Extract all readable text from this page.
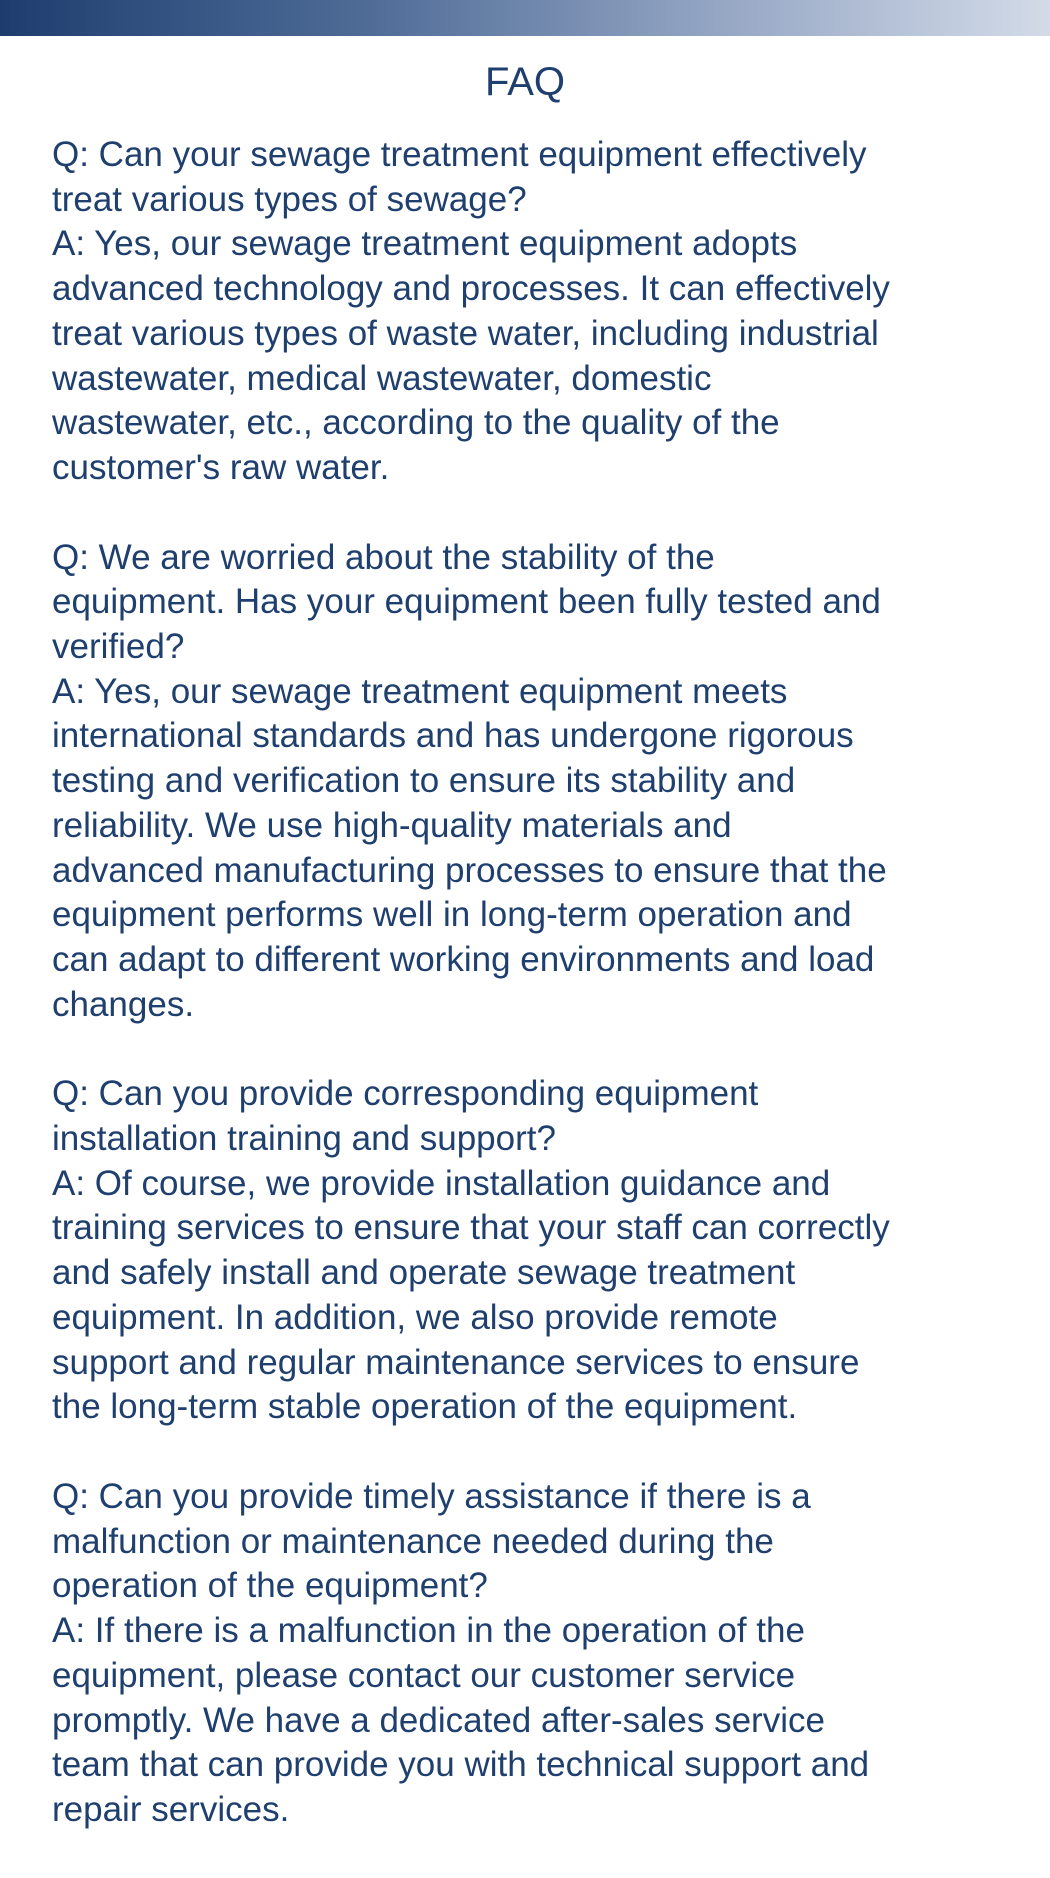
FAQ
Q: Can your sewage treatment equipment effectively
treat various types of sewage?
A: Yes, our sewage treatment equipment adopts
advanced technology and processes. It can effectively
treat various types of waste water, including industrial
wastewater, medical wastewater, domestic
wastewater, etc., according to the quality of the
customer's raw water.
Q: We are worried about the stability of the
equipment. Has your equipment been fully tested and
verified?
A: Yes, our sewage treatment equipment meets
international standards and has undergone rigorous
testing and verification to ensure its stability and
reliability. We use high-quality materials and
advanced manufacturing processes to ensure that the
equipment performs well in long-term operation and
can adapt to different working environments and load
changes.
Q: Can you provide corresponding equipment
installation training and support?
A: Of course, we provide installation guidance and
training services to ensure that your staff can correctly
and safely install and operate sewage treatment
equipment. In addition, we also provide remote
support and regular maintenance services to ensure
the long-term stable operation of the equipment.
Q: Can you provide timely assistance if there is a
malfunction or maintenance needed during the
operation of the equipment?
A: If there is a malfunction in the operation of the
equipment, please contact our customer service
promptly. We have a dedicated after-sales service
team that can provide you with technical support and
repair services.
